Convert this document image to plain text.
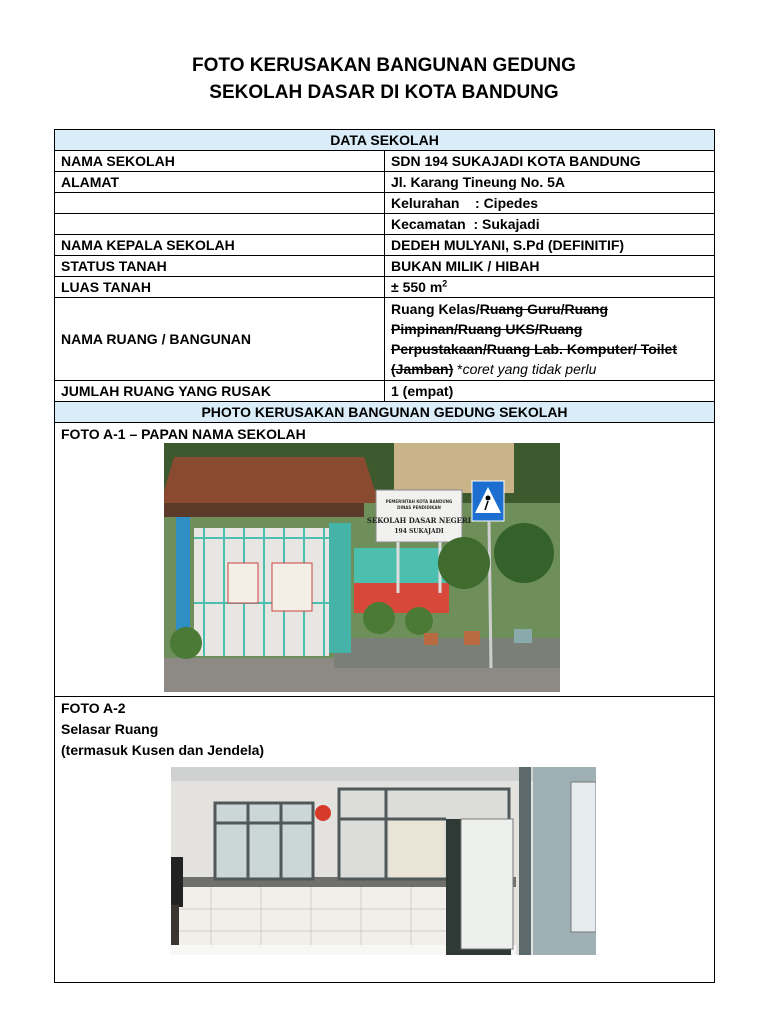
FOTO KERUSAKAN BANGUNAN GEDUNG
SEKOLAH DASAR DI KOTA BANDUNG
DATA SEKOLAH	
NAMA SEKOLAH	SDN 194 SUKAJADI KOTA BANDUNG
ALAMAT	Jl. Karang Tineung No. 5A
	Kelurahan    : Cipedes
	Kecamatan  : Sukajadi
NAMA KEPALA SEKOLAH	DEDEH MULYANI, S.Pd (DEFINITIF)
STATUS TANAH	BUKAN MILIK / HIBAH
LUAS TANAH	± 550 $m^2$
NAMA RUANG / BANGUNAN	Ruang Kelas/Ruang Guru/Ruang Pimpinan/Ruang UKS/Ruang Perpustakaan/Ruang Lab. Komputer/ Toilet (Jamban) *coret yang tidak perlu
JUMLAH RUANG YANG RUSAK	1 (empat)
PHOTO KERUSAKAN BANGUNAN GEDUNG SEKOLAH	

FOTO A-1 – PAPAN NAMA SEKOLAH
PEMERINTAH KOTA BANDUNG
DINAS PENDIDIKAN
SEKOLAH DASAR NEGERI
194 SUKAJADI	

FOTO A-2
Selasar Ruang
(termasuk Kusen dan Jendela)	
